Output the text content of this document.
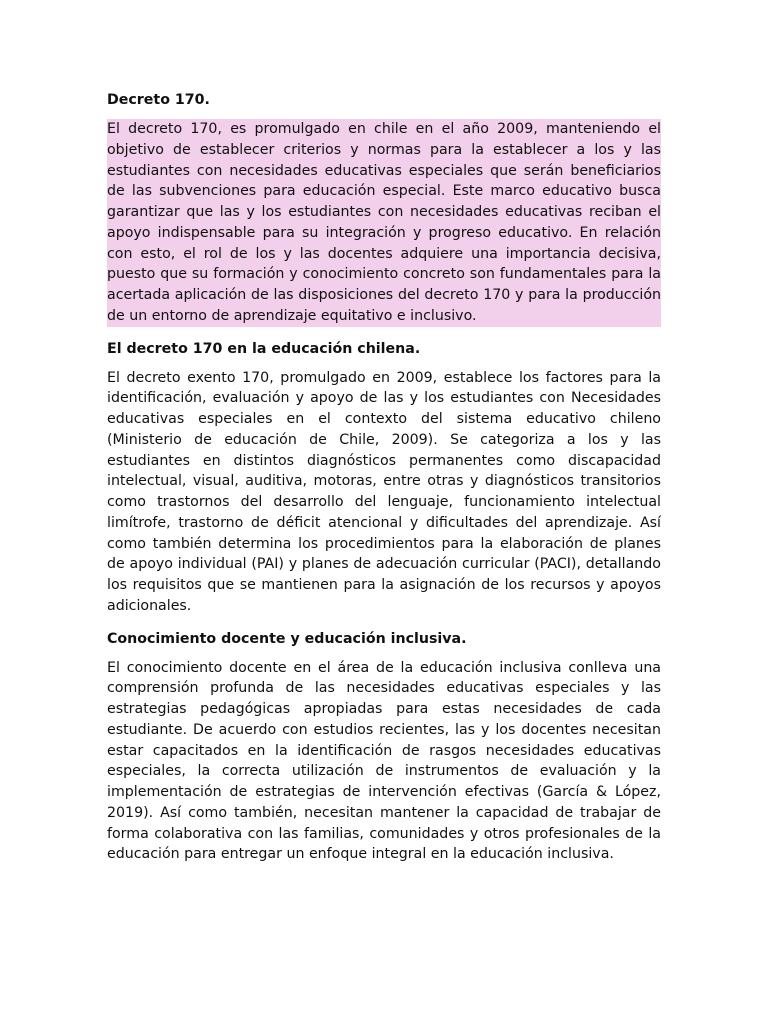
Decreto 170.
El decreto 170, es promulgado en chile en el año 2009, manteniendo el objetivo de establecer criterios y normas para la establecer a los y las estudiantes con necesidades educativas especiales que serán beneficiarios de las subvenciones para educación especial. Este marco educativo busca garantizar que las y los estudiantes con necesidades educativas reciban el apoyo indispensable para su integración y progreso educativo. En relación con esto, el rol de los y las docentes adquiere una importancia decisiva, puesto que su formación y conocimiento concreto son fundamentales para la acertada aplicación de las disposiciones del decreto 170 y para la producción de un entorno de aprendizaje equitativo e inclusivo.
El decreto 170 en la educación chilena.
El decreto exento 170, promulgado en 2009, establece los factores para la identificación, evaluación y apoyo de las y los estudiantes con Necesidades educativas especiales en el contexto del sistema educativo chileno (Ministerio de educación de Chile, 2009). Se categoriza a los y las estudiantes en distintos diagnósticos permanentes como discapacidad intelectual, visual, auditiva, motoras, entre otras y diagnósticos transitorios como trastornos del desarrollo del lenguaje, funcionamiento intelectual limítrofe, trastorno de déficit atencional y dificultades del aprendizaje. Así como también determina los procedimientos para la elaboración de planes de apoyo individual (PAI) y planes de adecuación curricular (PACI), detallando los requisitos que se mantienen para la asignación de los recursos y apoyos adicionales.
Conocimiento docente y educación inclusiva.
El conocimiento docente en el área de la educación inclusiva conlleva una comprensión profunda de las necesidades educativas especiales y las estrategias pedagógicas apropiadas para estas necesidades de cada estudiante. De acuerdo con estudios recientes, las y los docentes necesitan estar capacitados en la identificación de rasgos necesidades educativas especiales, la correcta utilización de instrumentos de evaluación y la implementación de estrategias de intervención efectivas (García & López, 2019). Así como también, necesitan mantener la capacidad de trabajar de forma colaborativa con las familias, comunidades y otros profesionales de la educación para entregar un enfoque integral en la educación inclusiva.
